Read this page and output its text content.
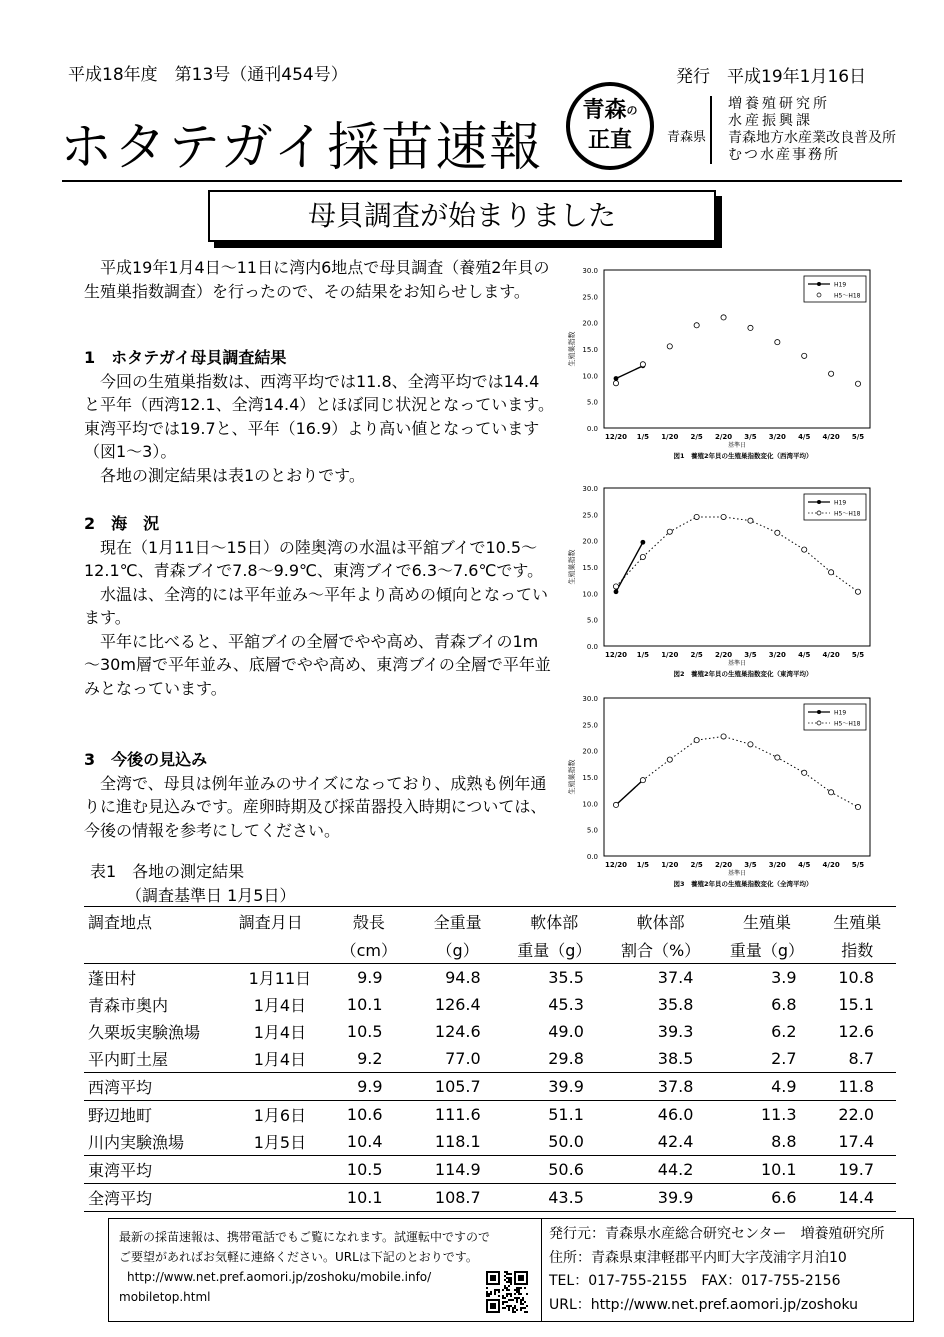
平成18年度　第13号（通刊454号）	発行　平成19年1月16日
ホタテガイ採苗速報
青 森 の
正 直	青森県
増養殖研究所
水産振興課
青森地方水産業改良普及所
むつ水産事務所
母貝調査が始まりました

平成19年1月4日～11日に湾内6地点で母貝調査（養殖2年貝の生殖巣指数調査）を行ったので、その結果をお知らせします。

1　ホタテガイ母貝調査結果

今回の生殖巣指数は、西湾平均では11.8、全湾平均では14.4と平年（西湾12.1、全湾14.4）とほぼ同じ状況となっています。東湾平均では19.7と、平年（16.9）より高い値となっています（図1～3）。

各地の測定結果は表1のとおりです。

2　海　況

現在（1月11日～15日）の陸奥湾の水温は平舘ブイで10.5～12.1℃、青森ブイで7.8～9.9℃、東湾ブイで6.3～7.6℃です。

水温は、全湾的には平年並み～平年より高めの傾向となっています。

平年に比べると、平舘ブイの全層でやや高め、青森ブイの1m～30m層で平年並み、底層でやや高め、東湾ブイの全層で平年並みとなっています。

3　今後の見込み

全湾で、母貝は例年並みのサイズになっており、成熟も例年通りに進む見込みです。産卵時期及び採苗器投入時期については、今後の情報を参考にしてください。

0.0
5.0
10.0
15.0
20.0
25.0
30.0
12/20 1/5 1/20 2/5 2/20 3/5 3/20 4/5 4/20 5/5
基準日
生殖巣指数
図1　養殖2年貝の生殖巣指数変化（西湾平均）
H19
H5～H18
0.0
5.0
10.0
15.0
20.0
25.0
30.0
12/20 1/5 1/20 2/5 2/20 3/5 3/20 4/5 4/20 5/5
基準日
生殖巣指数
図2　養殖2年貝の生殖巣指数変化（東湾平均）
H19
H5～H18
0.0
5.0
10.0
15.0
20.0
25.0
30.0
12/20 1/5 1/20 2/5 2/20 3/5 3/20 4/5 4/20 5/5
基準日
生殖巣指数
図3　養殖2年貝の生殖巣指数変化（全湾平均）
H19
H5～H18
表1　各地の測定結果
（調査基準日 1月5日）
調査地点	調査月日	殻長	全重量	軟体部	軟体部	生殖巣	生殖巣
		（cm）	（g）	重量（g）	割合（%）	重量（g）	指数
蓬田村	1月11日	9.9	94.8	35.5	37.4	3.9	10.8
青森市奥内	1月4日	10.1	126.4	45.3	35.8	6.8	15.1
久栗坂実験漁場	1月4日	10.5	124.6	49.0	39.3	6.2	12.6
平内町土屋	1月4日	9.2	77.0	29.8	38.5	2.7	8.7
西湾平均		9.9	105.7	39.9	37.8	4.9	11.8
野辺地町	1月6日	10.6	111.6	51.1	46.0	11.3	22.0
川内実験漁場	1月5日	10.4	118.1	50.0	42.4	8.8	17.4
東湾平均		10.5	114.9	50.6	44.2	10.1	19.7
全湾平均		10.1	108.7	43.5	39.9	6.6	14.4
最新の採苗速報は、携帯電話でもご覧になれます。試運転中ですので
ご要望があればお気軽に連絡ください。URLは下記のとおりです。
http://www.net.pref.aomori.jp/zoshoku/mobile.info/
mobiletop.html
発行元：青森県水産総合研究センター　増養殖研究所
住所：青森県東津軽郡平内町大字茂浦字月泊10
TEL：017-755-2155　FAX：017-755-2156
URL：http://www.net.pref.aomori.jp/zoshoku
